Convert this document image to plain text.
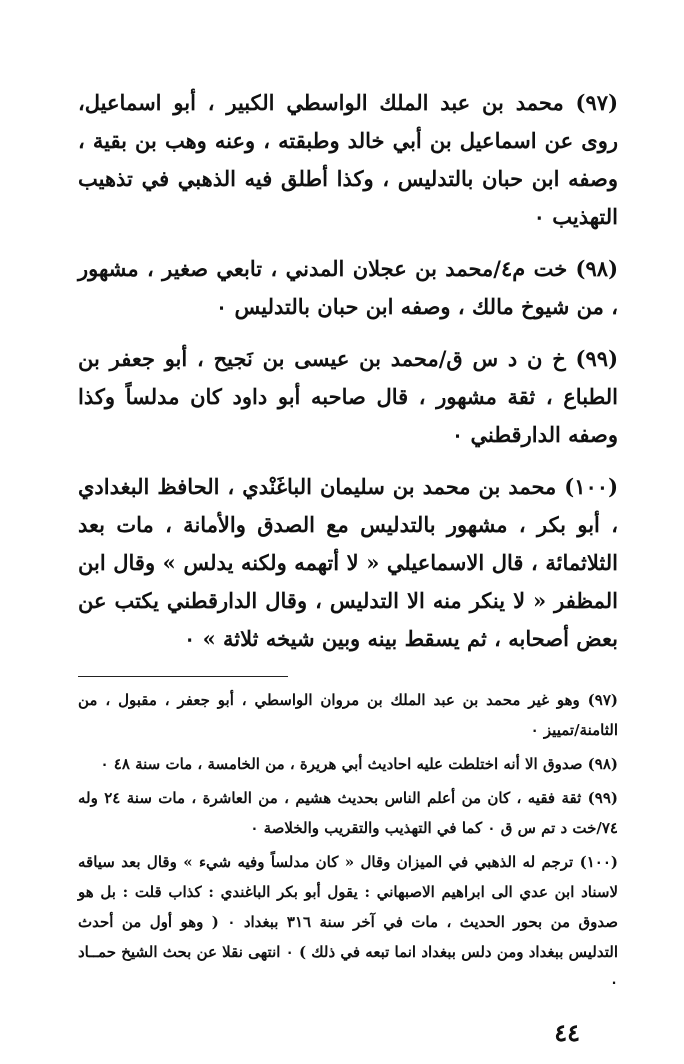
(٩٧) محمد بن عبد الملك الواسطي الكبير ، أبو اسماعيل، روى عن اسماعيل بن أبي خالد وطبقته ، وعنه وهب بن بقية ، وصفه ابن حبان بالتدليس ، وكذا أطلق فيه الذهبي في تذهيب التهذيب ٠

(٩٨) خت م٤/محمد بن عجلان المدني ، تابعي صغير ، مشهور ، من شيوخ مالك ، وصفه ابن حبان بالتدليس ٠

(٩٩) خ ن د س ق/محمد بن عيسى بن نَجيح ، أبو جعفر بن الطباع ، ثقة مشهور ، قال صاحبه أبو داود كان مدلساً وكذا وصفه الدارقطني ٠

(١٠٠) محمد بن محمد بن سليمان الباغَنْدي ، الحافظ البغدادي ، أبو بكر ، مشهور بالتدليس مع الصدق والأمانة ، مات بعد الثلاثمائة ، قال الاسماعيلي « لا أتهمه ولكنه يدلس » وقال ابن المظفر « لا ينكر منه الا التدليس ، وقال الدارقطني يكتب عن بعض أصحابه ، ثم يسقط بينه وبين شيخه ثلاثة » ٠

(٩٧) وهو غير محمد بن عبد الملك بن مروان الواسطي ، أبو جعفر ، مقبول ، من الثامنة/تمييز ٠

(٩٨) صدوق الا أنه اختلطت عليه احاديث أبي هريرة ، من الخامسة ، مات سنة ٤٨ ٠

(٩٩) ثقة فقيه ، كان من أعلم الناس بحديث هشيم ، من العاشرة ، مات سنة ٢٤ وله ٧٤/خت د تم س ق ٠ كما في التهذيب والتقريب والخلاصة ٠

(١٠٠) ترجم له الذهبي في الميزان وقال « كان مدلساً وفيه شيء » وقال بعد سياقه لاسناد ابن عدي الى ابراهيم الاصبهاني : يقول أبو بكر الباغندي : كذاب قلت : بل هو صدوق من بحور الحديث ، مات في آخر سنة ٣١٦ ببغداد ٠ ( وهو أول من أحدث التدليس ببغداد ومن دلس ببغداد انما تبعه في ذلك ) ٠ انتهى نقلا عن بحث الشيخ حمــاد ٠

٤٤
